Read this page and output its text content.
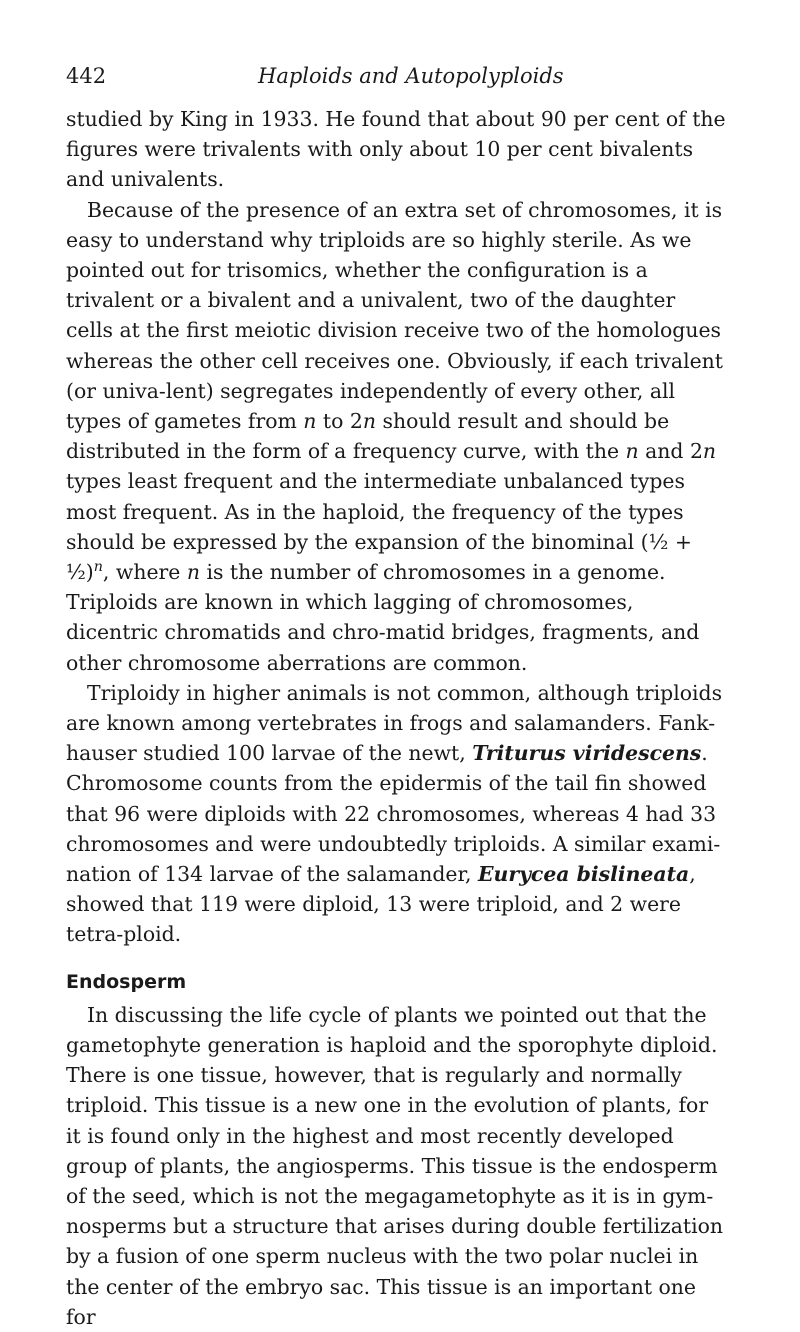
442	Haploids and Autopolyploids

studied by King in 1933. He found that about 90 per cent of the figures were trivalents with only about 10 per cent bivalents and univalents.

Because of the presence of an extra set of chromosomes, it is easy to understand why triploids are so highly sterile. As we pointed out for trisomics, whether the configuration is a trivalent or a bivalent and a univalent, two of the daughter cells at the first meiotic division receive two of the homologues whereas the other cell receives one. Obviously, if each trivalent (or univa-lent) segregates independently of every other, all types of gametes from n to 2n should result and should be distributed in the form of a frequency curve, with the n and 2n types least frequent and the intermediate unbalanced types most frequent. As in the haploid, the frequency of the types should be expressed by the expansion of the binominal (½ + ½)$^n$, where n is the number of chromosomes in a genome. Triploids are known in which lagging of chromosomes, dicentric chromatids and chro-matid bridges, fragments, and other chromosome aberrations are common.

Triploidy in higher animals is not common, although triploids are known among vertebrates in frogs and salamanders. Fank-hauser studied 100 larvae of the newt, Triturus viridescens. Chromosome counts from the epidermis of the tail fin showed that 96 were diploids with 22 chromosomes, whereas 4 had 33 chromosomes and were undoubtedly triploids. A similar exami-nation of 134 larvae of the salamander, Eurycea bislineata, showed that 119 were diploid, 13 were triploid, and 2 were tetra-ploid.

Endosperm

In discussing the life cycle of plants we pointed out that the gametophyte generation is haploid and the sporophyte diploid. There is one tissue, however, that is regularly and normally triploid. This tissue is a new one in the evolution of plants, for it is found only in the highest and most recently developed group of plants, the angiosperms. This tissue is the endosperm of the seed, which is not the megagametophyte as it is in gym-nosperms but a structure that arises during double fertilization by a fusion of one sperm nucleus with the two polar nuclei in the center of the embryo sac. This tissue is an important one for
